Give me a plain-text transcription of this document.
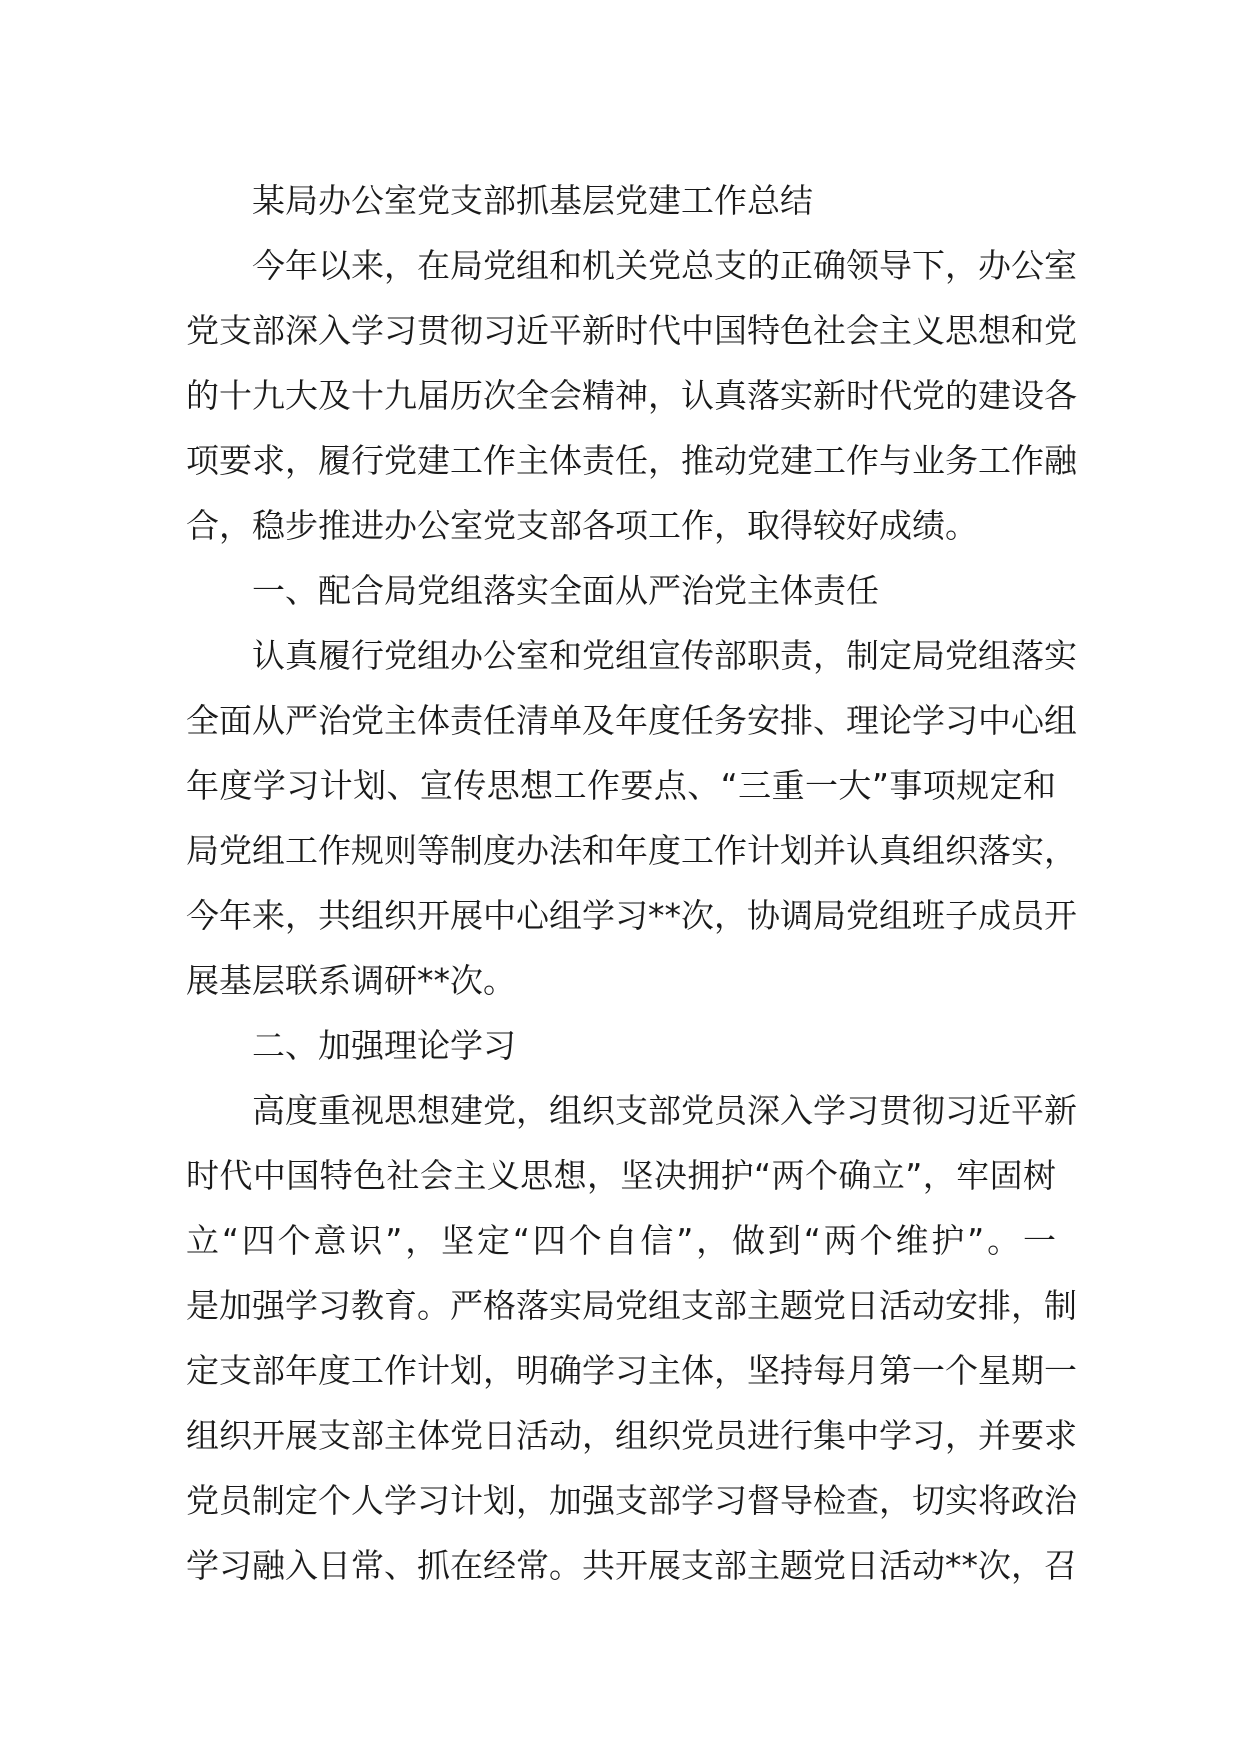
某局办公室党支部抓基层党建工作总结
今年以来，在局党组和机关党总支的正确领导下，办公室
党支部深入学习贯彻习近平新时代中国特色社会主义思想和党
的十九大及十九届历次全会精神，认真落实新时代党的建设各
项要求，履行党建工作主体责任，推动党建工作与业务工作融
合，稳步推进办公室党支部各项工作，取得较好成绩。
一、配合局党组落实全面从严治党主体责任
认真履行党组办公室和党组宣传部职责，制定局党组落实
全面从严治党主体责任清单及年度任务安排、理论学习中心组
年度学习计划、宣传思想工作要点、“三重一大”事项规定和
局党组工作规则等制度办法和年度工作计划并认真组织落实，
今年来，共组织开展中心组学习**次，协调局党组班子成员开
展基层联系调研**次。
二、加强理论学习
高度重视思想建党，组织支部党员深入学习贯彻习近平新
时代中国特色社会主义思想，坚决拥护“两个确立”，牢固树
立“四个意识”，坚定“四个自信”，做到“两个维护”。一
是加强学习教育。严格落实局党组支部主题党日活动安排，制
定支部年度工作计划，明确学习主体，坚持每月第一个星期一
组织开展支部主体党日活动，组织党员进行集中学习，并要求
党员制定个人学习计划，加强支部学习督导检查，切实将政治
学习融入日常、抓在经常。共开展支部主题党日活动**次，召
